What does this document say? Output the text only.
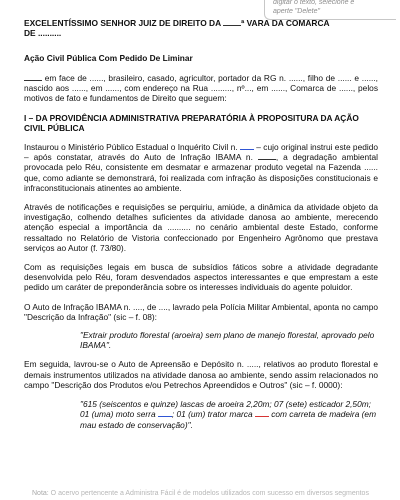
digitar o texto, selecione e
aperte "Delete"
EXCELENTÍSSIMO SENHOR JUIZ DE DIREITO DA ª VARA DA COMARCA
DE ..........
Ação Civil Pública Com Pedido De Liminar

em face de ......, brasileiro, casado, agricultor, portador da RG n. ......, filho de ...... e ......, nascido aos ......, em ......, com endereço na Rua ........., nº..., em ......, Comarca de ......, pelos motivos de fato e fundamentos de Direito que seguem:

I – DA PROVIDÊNCIA ADMINISTRATIVA PREPARATÓRIA À PROPOSITURA DA AÇÃO CIVIL PÚBLICA

Instaurou o Ministério Público Estadual o Inquérito Civil n.  – cujo original instrui este pedido – após constatar, através do Auto de Infração IBAMA n. , a degradação ambiental provocada pelo Réu, consistente em desmatar e armazenar produto vegetal na Fazenda ...... que, como adiante se demonstrará, foi realizada com infração às disposições constitucionais e infraconstitucionais atinentes ao ambiente.

Através de notificações e requisições se perquiriu, amiúde, a dinâmica da atividade objeto da investigação, colhendo detalhes suficientes da atividade danosa ao ambiente, merecendo atenção especial a importância da .......... no cenário ambiental deste Estado, conforme ressaltado no Relatório de Vistoria confeccionado por Engenheiro Agrônomo que prestava serviços ao Autor (f. 73/80).

Com as requisições legais em busca de subsídios fáticos sobre a atividade degradante desenvolvida pelo Réu, foram desvendados aspectos interessantes e que emprestam a este pedido um caráter de preponderância sobre os interesses individuais do agente poluidor.

O Auto de Infração IBAMA n. ...., de ...., lavrado pela Polícia Militar Ambiental, aponta no campo "Descrição da Infração" (sic – f. 08):

"Extrair produto florestal (aroeira) sem plano de manejo florestal, aprovado pelo IBAMA".

Em seguida, lavrou-se o Auto de Apreensão e Depósito n. ....., relativos ao produto florestal e demais instrumentos utilizados na atividade danosa ao ambiente, sendo assim relacionados no campo "Descrição dos Produtos e/ou Petrechos Apreendidos e Outros" (sic – f. 0000):

"615 (seiscentos e quinze) lascas de aroeira 2,20m; 07 (sete) esticador 2,50m; 01 (uma) moto serra ; 01 (um) trator marca  com carreta de madeira (em mau estado de conservação)".

Nota: O acervo pertencente a Administra Fácil é de modelos utilizados com sucesso em diversos segmentos
